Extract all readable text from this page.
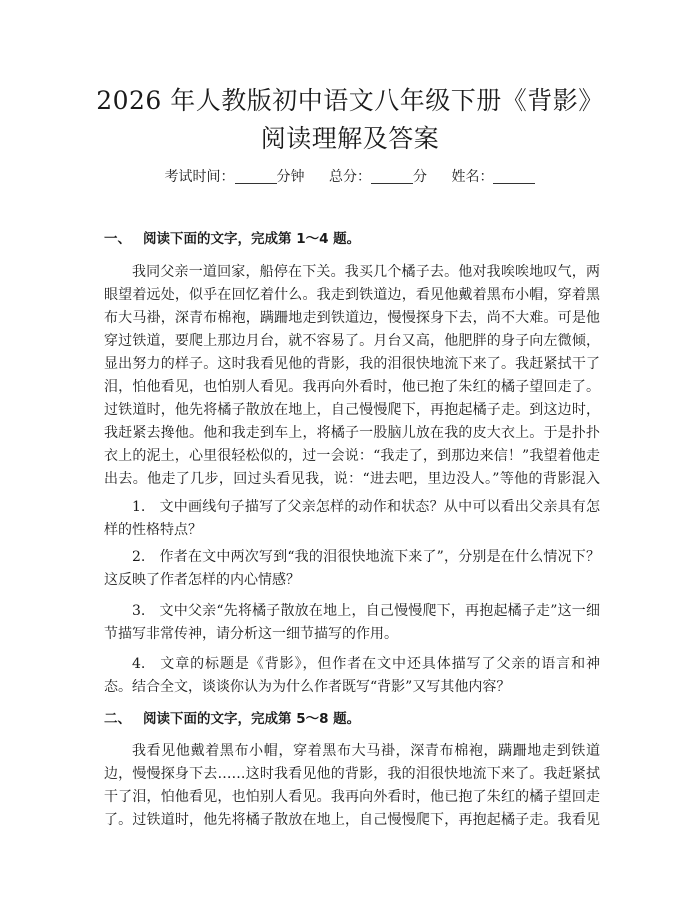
2026 年人教版初中语文八年级下册《背影》
阅读理解及答案
考试时间：	分钟 总分：	分 姓名：
一、 阅读下面的文字，完成第 1～4 题。

我同父亲一道回家，船停在下关。我买几个橘子去。他对我唉唉地叹气，两眼望着远处，似乎在回忆着什么。我走到铁道边，看见他戴着黑布小帽，穿着黑布大马褂，深青布棉袍，蹒跚地走到铁道边，慢慢探身下去，尚不大难。可是他穿过铁道，要爬上那边月台，就不容易了。月台又高，他肥胖的身子向左微倾，显出努力的样子。这时我看见他的背影，我的泪很快地流下来了。我赶紧拭干了泪，怕他看见，也怕别人看见。我再向外看时，他已抱了朱红的橘子望回走了。过铁道时，他先将橘子散放在地上，自己慢慢爬下，再抱起橘子走。到这边时，我赶紧去搀他。他和我走到车上，将橘子一股脑儿放在我的皮大衣上。于是扑扑衣上的泥土，心里很轻松似的，过一会说：“我走了，到那边来信！”我望着他走出去。他走了几步，回过头看见我，说：“进去吧，里边没人。”等他的背影混入

1. 文中画线句子描写了父亲怎样的动作和状态？从中可以看出父亲具有怎样的性格特点？

2. 作者在文中两次写到“我的泪很快地流下来了”，分别是在什么情况下？这反映了作者怎样的内心情感？

3. 文中父亲“先将橘子散放在地上，自己慢慢爬下，再抱起橘子走”这一细节描写非常传神，请分析这一细节描写的作用。

4. 文章的标题是《背影》，但作者在文中还具体描写了父亲的语言和神态。结合全文，谈谈你认为为什么作者既写“背影”又写其他内容？

二、 阅读下面的文字，完成第 5～8 题。

我看见他戴着黑布小帽，穿着黑布大马褂，深青布棉袍，蹒跚地走到铁道边，慢慢探身下去……这时我看见他的背影，我的泪很快地流下来了。我赶紧拭干了泪，怕他看见，也怕别人看见。我再向外看时，他已抱了朱红的橘子望回走了。过铁道时，他先将橘子散放在地上，自己慢慢爬下，再抱起橘子走。我看见
